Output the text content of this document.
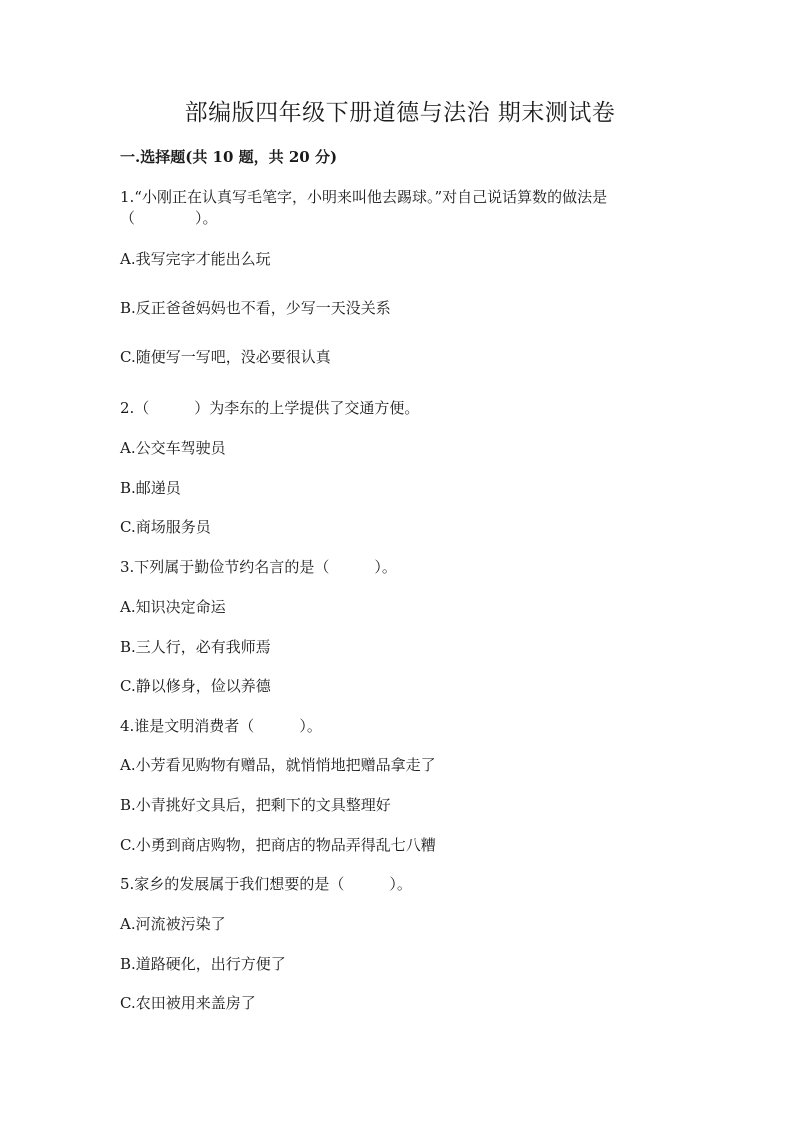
部编版四年级下册道德与法治 期末测试卷
一.选择题(共 10 题，共 20 分)
1.“小刚正在认真写毛笔字，小明来叫他去踢球。”对自己说话算数的做法是
（　　　　）。
A.我写完字才能出么玩
B.反正爸爸妈妈也不看，少写一天没关系
C.随便写一写吧，没必要很认真
2.（　　　）为李东的上学提供了交通方便。
A.公交车驾驶员
B.邮递员
C.商场服务员
3.下列属于勤俭节约名言的是（　　　）。
A.知识决定命运
B.三人行，必有我师焉
C.静以修身，俭以养德
4.谁是文明消费者（　　　）。
A.小芳看见购物有赠品，就悄悄地把赠品拿走了
B.小青挑好文具后，把剩下的文具整理好
C.小勇到商店购物，把商店的物品弄得乱七八糟
5.家乡的发展属于我们想要的是（　　　）。
A.河流被污染了
B.道路硬化，出行方便了
C.农田被用来盖房了
